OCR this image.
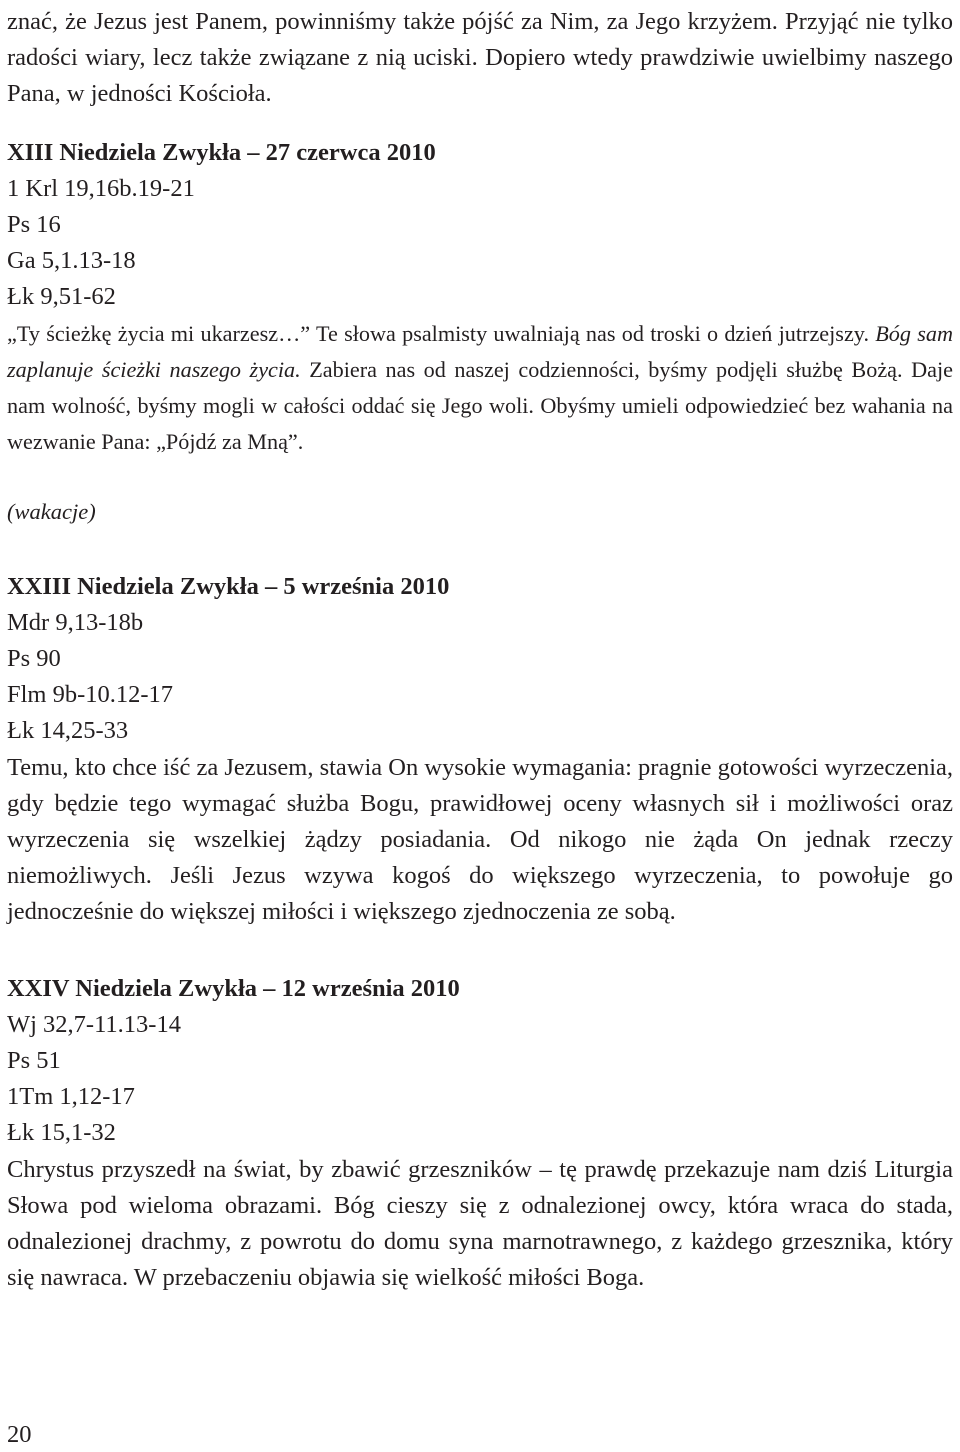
znać, że Jezus jest Panem, powinniśmy także pójść za Nim, za Jego krzyżem. Przyjąć nie tylko radości wiary, lecz także związane z nią uciski. Dopiero wtedy prawdziwie uwielbimy naszego Pana, w jedności Kościoła.

XIII Niedziela Zwykła – 27 czerwca 2010

1 Krl 19,16b.19-21

Ps 16

Ga 5,1.13-18

Łk 9,51-62

„Ty ścieżkę życia mi ukarzesz…” Te słowa psalmisty uwalniają nas od troski o dzień jutrzejszy. Bóg sam zaplanuje ścieżki naszego życia. Zabiera nas od naszej codzienności, byśmy podjęli służbę Bożą. Daje nam wolność, byśmy mogli w całości oddać się Jego woli. Obyśmy umieli odpowiedzieć bez wahania na wezwanie Pana: „Pójdź za Mną”.

(wakacje)

XXIII Niedziela Zwykła – 5 września 2010

Mdr 9,13-18b

Ps 90

Flm 9b-10.12-17

Łk 14,25-33

Temu, kto chce iść za Jezusem, stawia On wysokie wymagania: pragnie gotowości wyrzeczenia, gdy będzie tego wymagać służba Bogu, prawidłowej oceny własnych sił i możliwości oraz wyrzeczenia się wszelkiej żądzy posiadania. Od nikogo nie żąda On jednak rzeczy niemożliwych. Jeśli Jezus wzywa kogoś do większego wyrzeczenia, to powołuje go jednocześnie do większej miłości i większego zjednoczenia ze sobą.

XXIV Niedziela Zwykła – 12 września 2010

Wj 32,7-11.13-14

Ps 51

1Tm 1,12-17

Łk 15,1-32

Chrystus przyszedł na świat, by zbawić grzeszników – tę prawdę przekazuje nam dziś Liturgia Słowa pod wieloma obrazami. Bóg cieszy się z odnalezionej owcy, która wraca do stada, odnalezionej drachmy, z powrotu do domu syna marnotrawnego, z każdego grzesznika, który się nawraca. W przebaczeniu objawia się wielkość miłości Boga.

20
